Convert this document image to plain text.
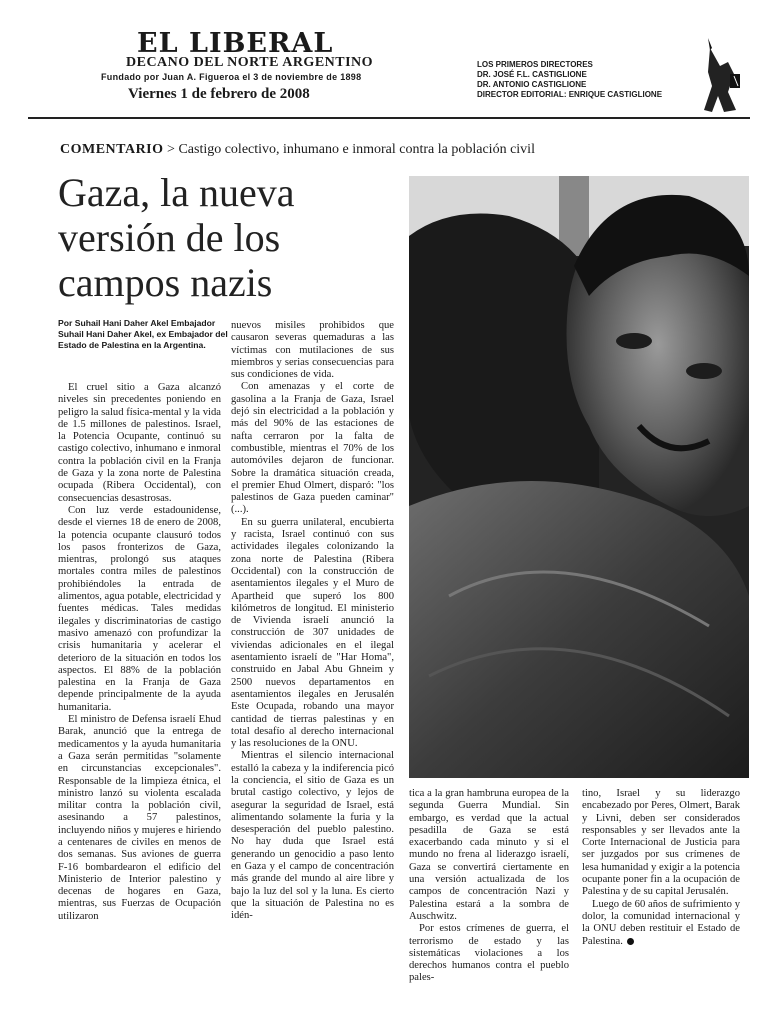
EL LIBERAL
DECANO DEL NORTE ARGENTINO
Fundado por Juan A. Figueroa el 3 de noviembre de 1898
Viernes 1 de febrero de 2008
LOS PRIMEROS DIRECTORES
DR. JOSÉ F.L. CASTIGLIONE
DR. ANTONIO CASTIGLIONE
DIRECTOR EDITORIAL: ENRIQUE CASTIGLIONE
COMENTARIO > Castigo colectivo, inhumano e inmoral contra la población civil
Gaza, la nueva versión de los campos nazis
Por Suhail Hani Daher Akel Embajador Suhail Hani Daher Akel, ex Embajador del Estado de Palestina en la Argentina.

El cruel sitio a Gaza alcanzó niveles sin precedentes poniendo en peligro la salud física-mental y la vida de 1.5 millones de palestinos. Israel, la Potencia Ocupante, continuó su castigo colectivo, inhumano e inmoral contra la población civil en la Franja de Gaza y la zona norte de Palestina ocupada (Ribera Occidental), con consecuencias desastrosas.

Con luz verde estadounidense, desde el viernes 18 de enero de 2008, la potencia ocupante clausuró todos los pasos fronterizos de Gaza, mientras, prolongó sus ataques mortales contra miles de palestinos prohibiéndoles la entrada de alimentos, agua potable, electricidad y fuentes médicas. Tales medidas ilegales y discriminatorias de castigo masivo amenazó con profundizar la crisis humanitaria y acelerar el deterioro de la situación en todos los aspectos. El 88% de la población palestina en la Franja de Gaza depende principalmente de la ayuda humanitaria.

El ministro de Defensa israelí Ehud Barak, anunció que la entrega de medicamentos y la ayuda humanitaria a Gaza serán permitidas "solamente en circunstancias excepcionales". Responsable de la limpieza étnica, el ministro lanzó su violenta escalada militar contra la población civil, asesinando a 57 palestinos, incluyendo niños y mujeres e hiriendo a centenares de civiles en menos de dos semanas. Sus aviones de guerra F-16 bombardearon el edificio del Ministerio de Interior palestino y decenas de hogares en Gaza, mientras, sus Fuerzas de Ocupación utilizaron

nuevos misiles prohibidos que causaron severas quemaduras a las víctimas con mutilaciones de sus miembros y serias consecuencias para sus condiciones de vida.

Con amenazas y el corte de gasolina a la Franja de Gaza, Israel dejó sin electricidad a la población y más del 90% de las estaciones de nafta cerraron por la falta de combustible, mientras el 70% de los automóviles dejaron de funcionar. Sobre la dramática situación creada, el premier Ehud Olmert, disparó: "los palestinos de Gaza pueden caminar" (...).

En su guerra unilateral, encubierta y racista, Israel continuó con sus actividades ilegales colonizando la zona norte de Palestina (Ribera Occidental) con la construcción de asentamientos ilegales y el Muro de Apartheid que superó los 800 kilómetros de longitud. El ministerio de Vivienda israelí anunció la construcción de 307 unidades de viviendas adicionales en el ilegal asentamiento israelí de "Har Homa", construido en Jabal Abu Ghneim y 2500 nuevos departamentos en asentamientos ilegales en Jerusalén Este Ocupada, robando una mayor cantidad de tierras palestinas y en total desafío al derecho internacional y las resoluciones de la ONU.

Mientras el silencio internacional estalló la cabeza y la indiferencia picó la conciencia, el sitio de Gaza es un brutal castigo colectivo, y lejos de asegurar la seguridad de Israel, está alimentando solamente la furia y la desesperación del pueblo palestino. No hay duda que Israel está generando un genocidio a paso lento en Gaza y el campo de concentración más grande del mundo al aire libre y bajo la luz del sol y la luna. Es cierto que la situación de Palestina no es idén-

tica a la gran hambruna europea de la segunda Guerra Mundial. Sin embargo, es verdad que la actual pesadilla de Gaza se está exacerbando cada minuto y si el mundo no frena al liderazgo israelí, Gaza se convertirá ciertamente en una versión actualizada de los campos de concentración Nazi y Palestina estará a la sombra de Auschwitz.

Por estos crímenes de guerra, el terrorismo de estado y las sistemáticas violaciones a los derechos humanos contra el pueblo pales-

tino, Israel y su liderazgo encabezado por Peres, Olmert, Barak y Livni, deben ser considerados responsables y ser llevados ante la Corte Internacional de Justicia para ser juzgados por sus crímenes de lesa humanidad y exigir a la potencia ocupante poner fin a la ocupación de Palestina y de su capital Jerusalén.

Luego de 60 años de sufrimiento y dolor, la comunidad internacional y la ONU deben restituir el Estado de Palestina.
